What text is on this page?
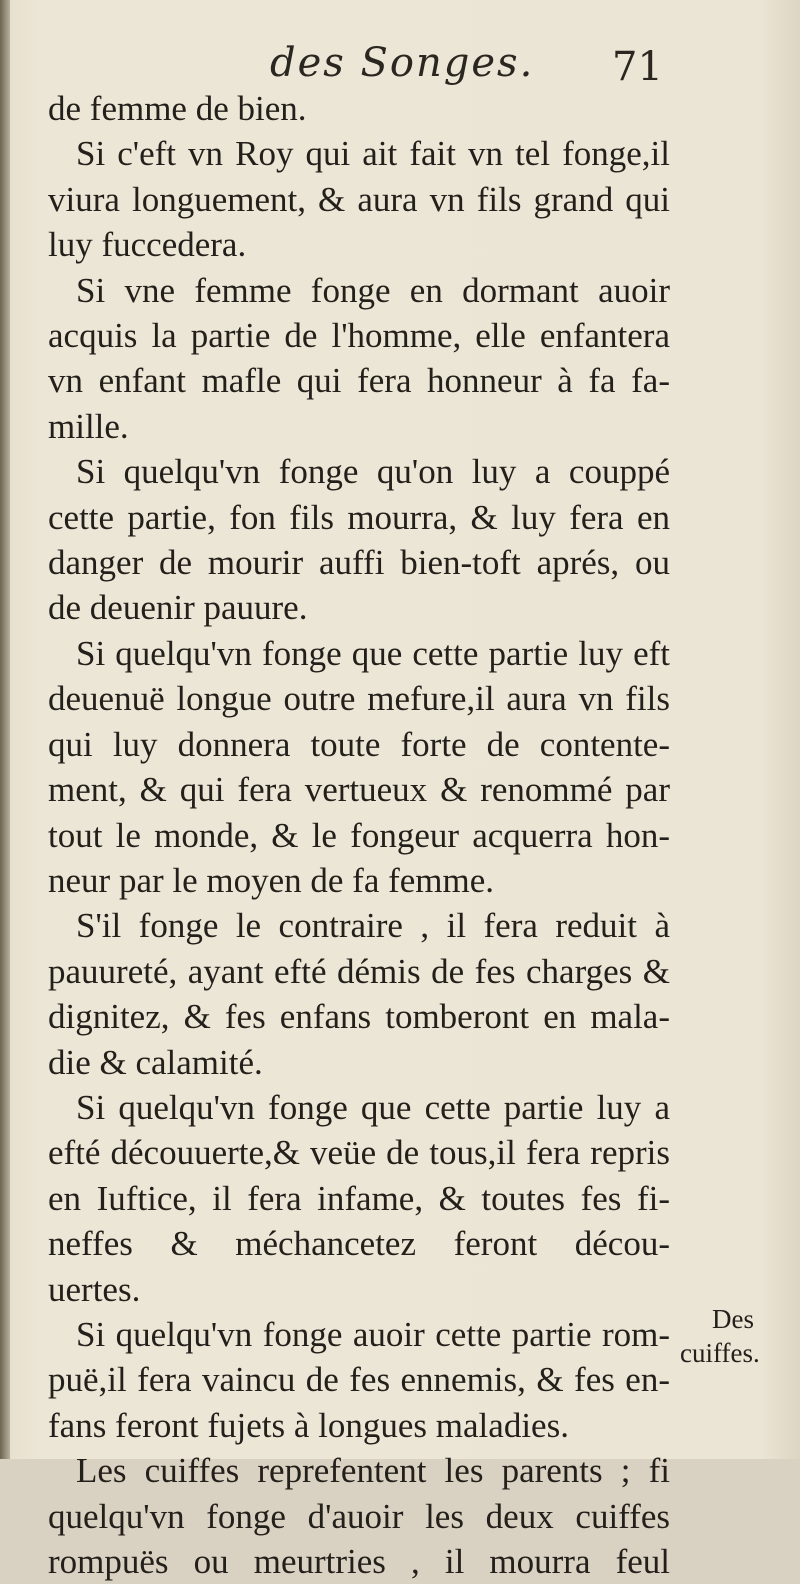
des Songes. 71
de femme de bien.
Si c'eft vn Roy qui ait fait vn tel fonge,il
viura longuement, & aura vn fils grand qui
luy fuccedera.
Si vne femme fonge en dormant auoir
acquis la partie de l'homme, elle enfantera
vn enfant mafle qui fera honneur à fa fa-
mille.
Si quelqu'vn fonge qu'on luy a couppé
cette partie, fon fils mourra, & luy fera en
danger de mourir auffi bien-toft aprés, ou
de deuenir pauure.
Si quelqu'vn fonge que cette partie luy eft
deuenuë longue outre mefure,il aura vn fils
qui luy donnera toute forte de contente-
ment, & qui fera vertueux & renommé par
tout le monde, & le fongeur acquerra hon-
neur par le moyen de fa femme.
S'il fonge le contraire , il fera reduit à
pauureté, ayant efté démis de fes charges &
dignitez, & fes enfans tomberont en mala-
die & calamité.
Si quelqu'vn fonge que cette partie luy a
efté découuerte,& veüe de tous,il fera repris
en Iuftice, il fera infame, & toutes fes fi-
neffes & méchancetez feront décou-
uertes.
Si quelqu'vn fonge auoir cette partie rom-
puë,il fera vaincu de fes ennemis, & fes en-
fans feront fujets à longues maladies.
Les cuiffes reprefentent les parents ; fi
quelqu'vn fonge d'auoir les deux cuiffes
rompuës ou meurtries , il mourra feul
Des
cuiffes.
